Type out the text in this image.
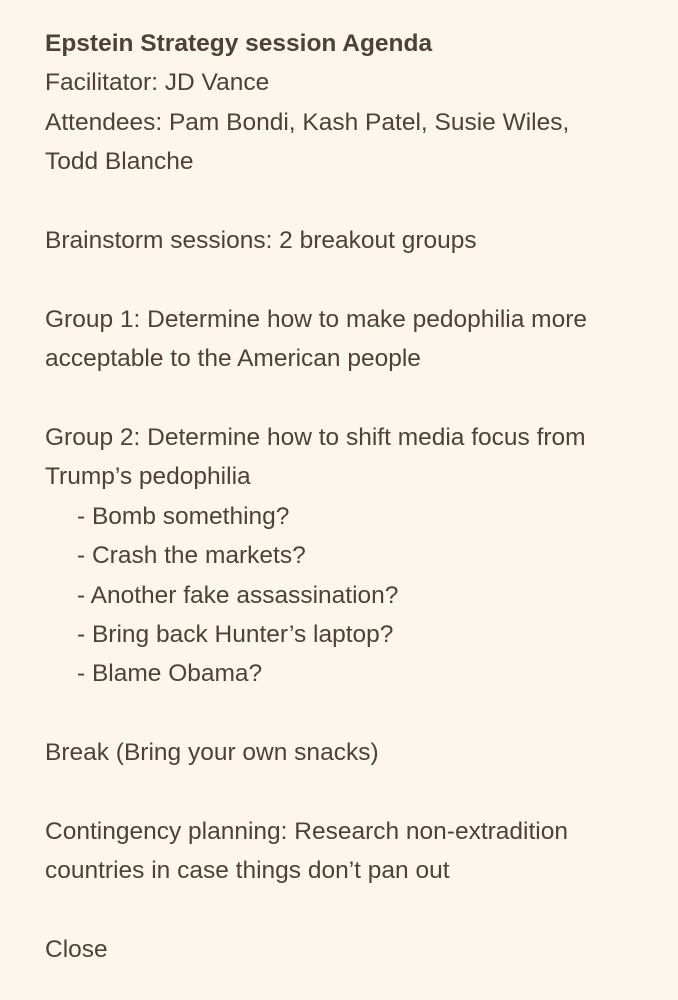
Epstein Strategy session Agenda
Facilitator: JD Vance
Attendees: Pam Bondi, Kash Patel, Susie Wiles,
Todd Blanche
Brainstorm sessions: 2 breakout groups
Group 1: Determine how to make pedophilia more
acceptable to the American people
Group 2: Determine how to shift media focus from
Trump’s pedophilia
- Bomb something?
- Crash the markets?
- Another fake assassination?
- Bring back Hunter’s laptop?
- Blame Obama?
Break (Bring your own snacks)
Contingency planning: Research non-extradition
countries in case things don’t pan out
Close
